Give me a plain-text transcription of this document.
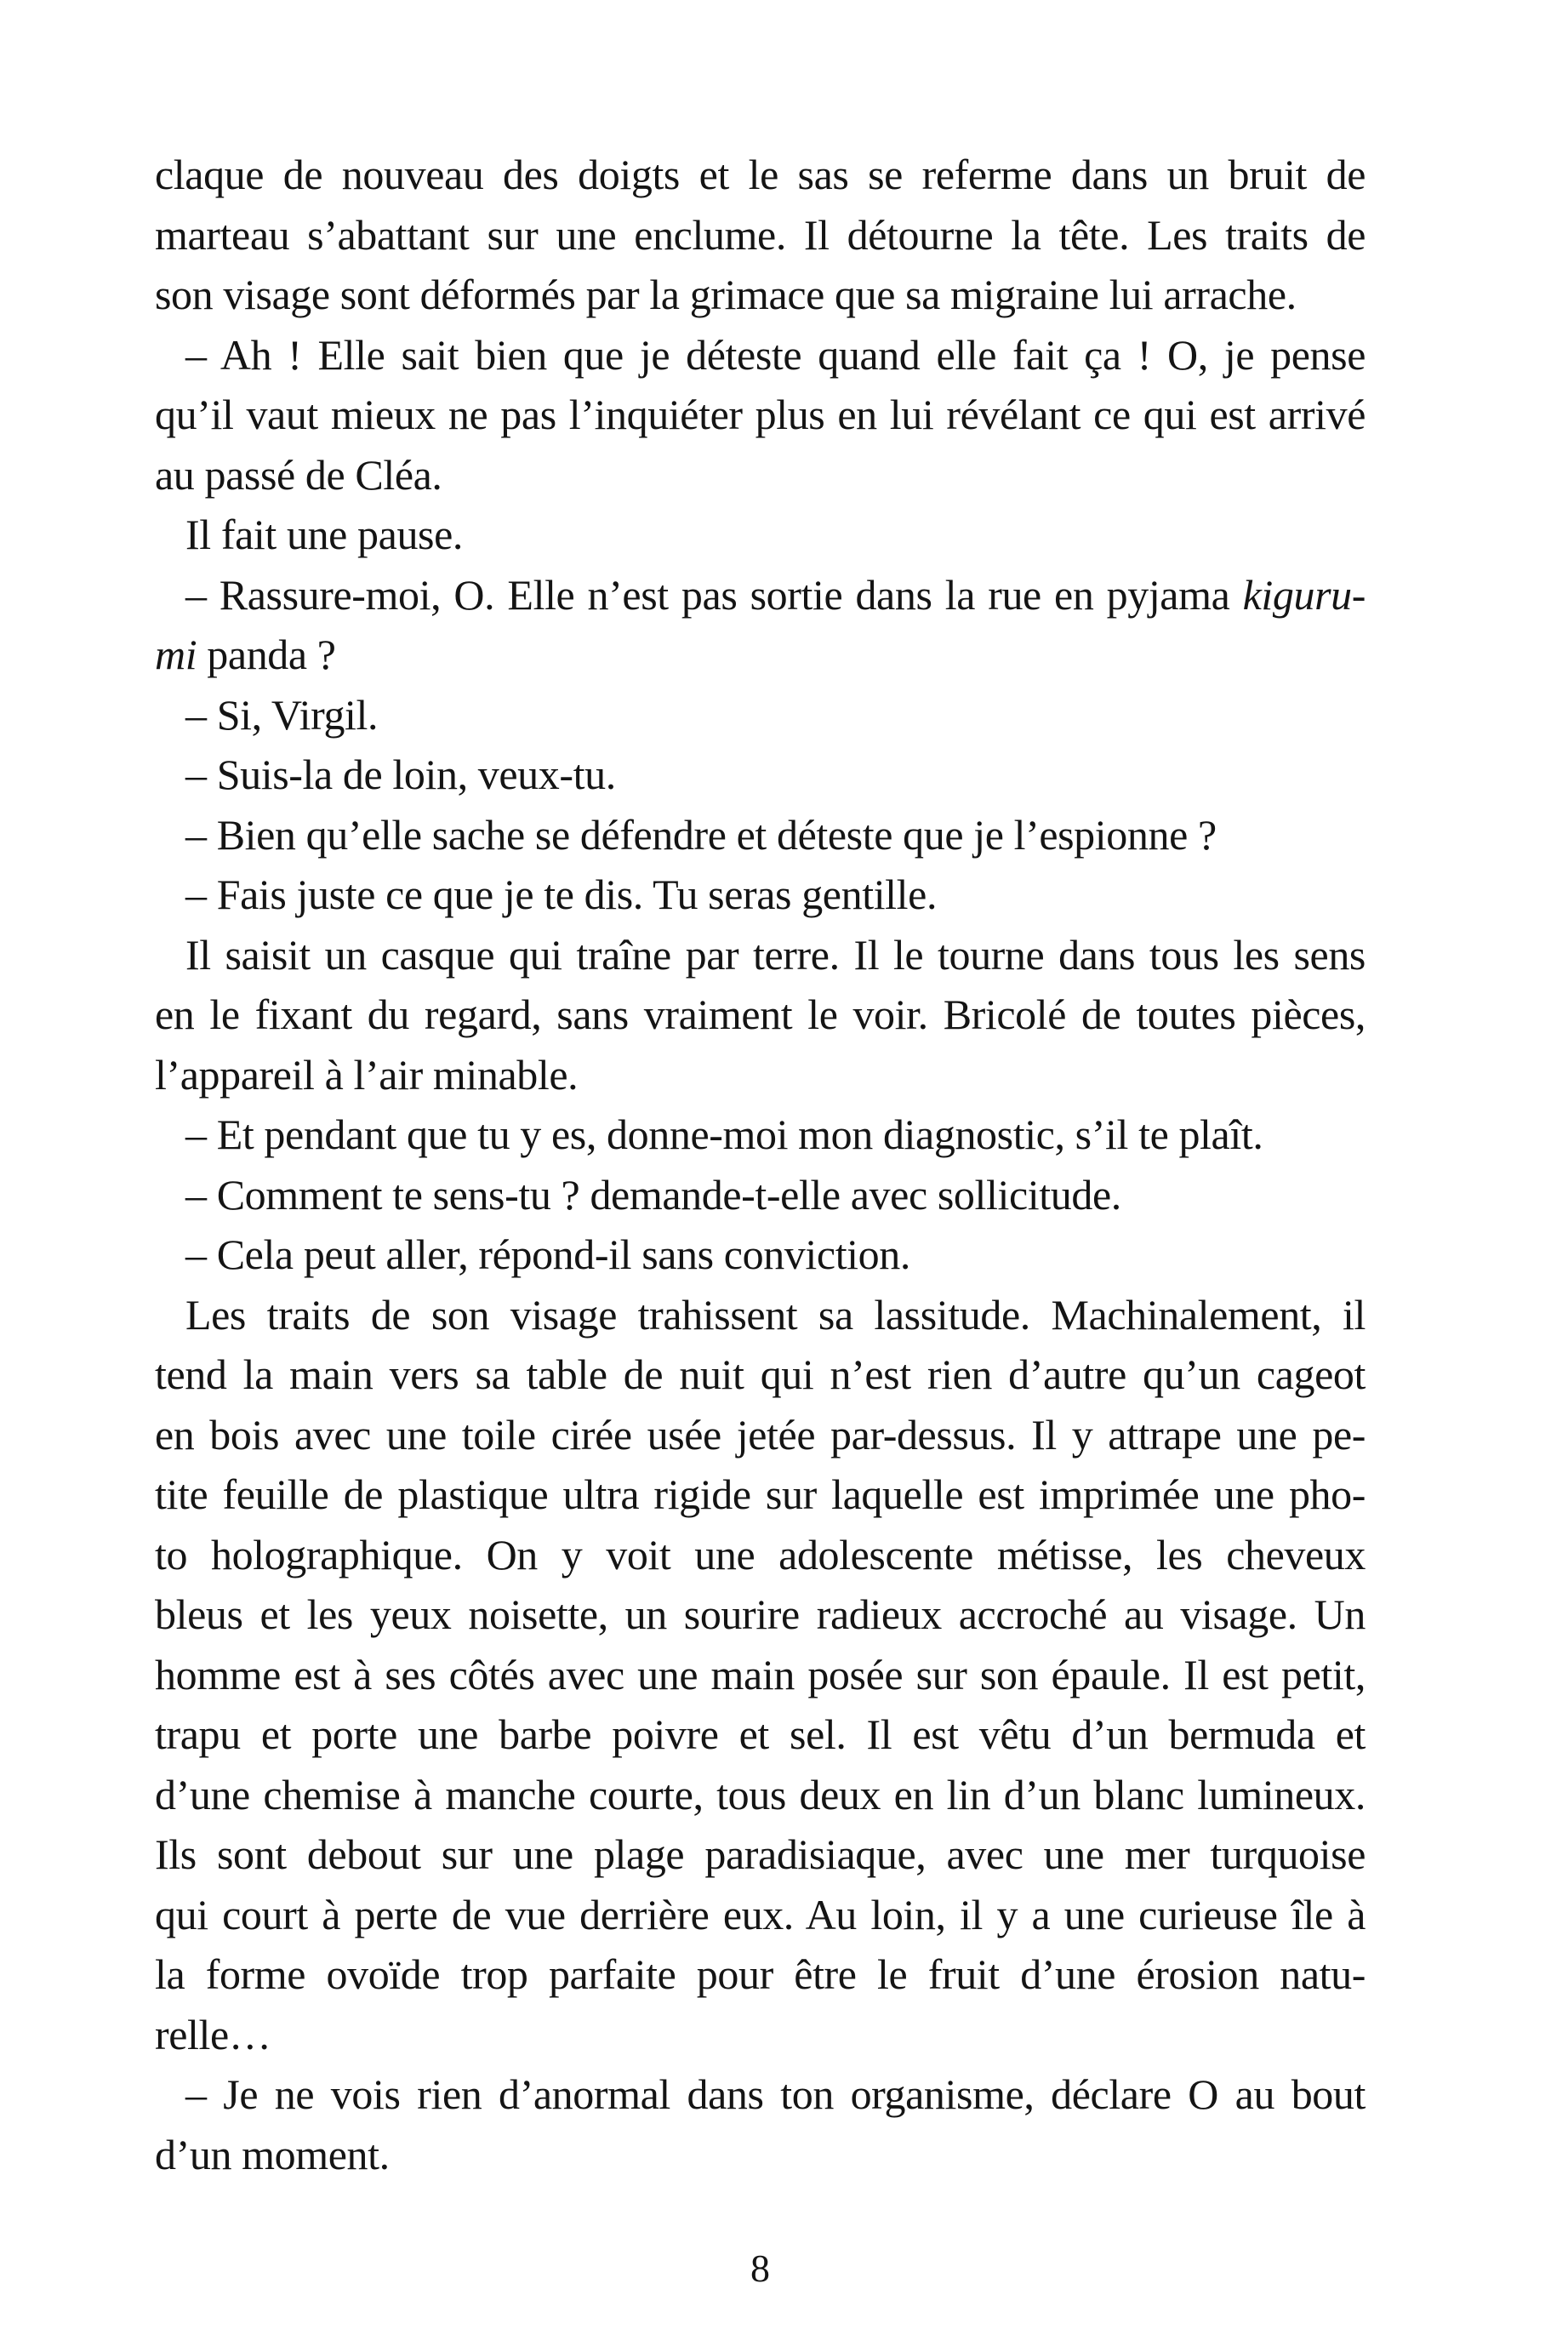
claque de nouveau des doigts et le sas se referme dans un bruit de
marteau s’abattant sur une enclume. Il détourne la tête. Les traits de
son visage sont déformés par la grimace que sa migraine lui arrache.
– Ah ! Elle sait bien que je déteste quand elle fait ça ! O, je pense
qu’il vaut mieux ne pas l’inquiéter plus en lui révélant ce qui est arrivé
au passé de Cléa.
Il fait une pause.
– Rassure-moi, O. Elle n’est pas sortie dans la rue en pyjama kiguru-
mi panda ?
– Si, Virgil.
– Suis-la de loin, veux-tu.
– Bien qu’elle sache se défendre et déteste que je l’espionne ?
– Fais juste ce que je te dis. Tu seras gentille.
Il saisit un casque qui traîne par terre. Il le tourne dans tous les sens
en le fixant du regard, sans vraiment le voir. Bricolé de toutes pièces,
l’appareil à l’air minable.
– Et pendant que tu y es, donne-moi mon diagnostic, s’il te plaît.
– Comment te sens-tu ? demande-t-elle avec sollicitude.
– Cela peut aller, répond-il sans conviction.
Les traits de son visage trahissent sa lassitude. Machinalement, il
tend la main vers sa table de nuit qui n’est rien d’autre qu’un cageot
en bois avec une toile cirée usée jetée par-dessus. Il y attrape une pe-
tite feuille de plastique ultra rigide sur laquelle est imprimée une pho-
to holographique. On y voit une adolescente métisse, les cheveux
bleus et les yeux noisette, un sourire radieux accroché au visage. Un
homme est à ses côtés avec une main posée sur son épaule. Il est petit,
trapu et porte une barbe poivre et sel. Il est vêtu d’un bermuda et
d’une chemise à manche courte, tous deux en lin d’un blanc lumineux.
Ils sont debout sur une plage paradisiaque, avec une mer turquoise
qui court à perte de vue derrière eux. Au loin, il y a une curieuse île à
la forme ovoïde trop parfaite pour être le fruit d’une érosion natu-
relle…
– Je ne vois rien d’anormal dans ton organisme, déclare O au bout
d’un moment.
8
